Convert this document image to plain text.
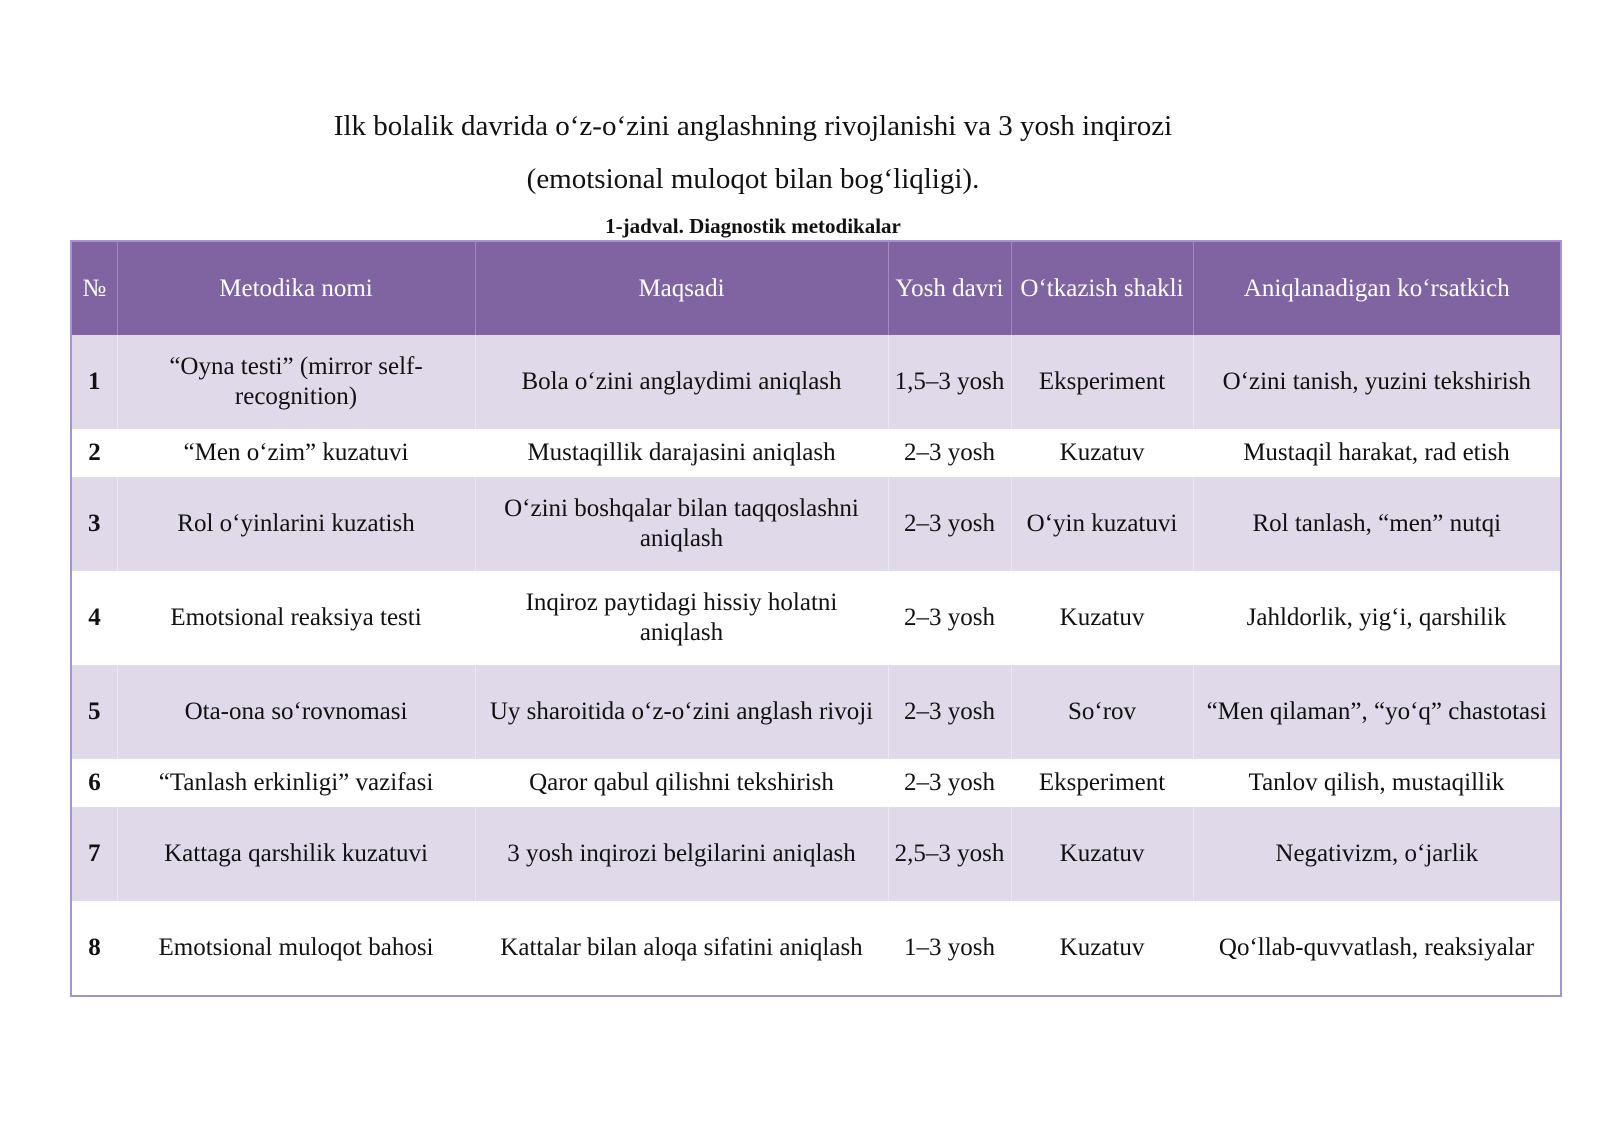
Ilk bolalik davrida o‘z-o‘zini anglashning rivojlanishi va 3 yosh inqirozi
(emotsional muloqot bilan bog‘liqligi).
1-jadval. Diagnostik metodikalar
№	Metodika nomi	Maqsadi	Yosh davri	O‘tkazish shakli	Aniqlanadigan ko‘rsatkich
1	“Oyna testi” (mirror self-recognition)	Bola o‘zini anglaydimi aniqlash	1,5–3 yosh	Eksperiment	O‘zini tanish, yuzini tekshirish
2	“Men o‘zim” kuzatuvi	Mustaqillik darajasini aniqlash	2–3 yosh	Kuzatuv	Mustaqil harakat, rad etish
3	Rol o‘yinlarini kuzatish	O‘zini boshqalar bilan taqqoslashni aniqlash	2–3 yosh	O‘yin kuzatuvi	Rol tanlash, “men” nutqi
4	Emotsional reaksiya testi	Inqiroz paytidagi hissiy holatni aniqlash	2–3 yosh	Kuzatuv	Jahldorlik, yig‘i, qarshilik
5	Ota-ona so‘rovnomasi	Uy sharoitida o‘z-o‘zini anglash rivoji	2–3 yosh	So‘rov	“Men qilaman”, “yo‘q” chastotasi
6	“Tanlash erkinligi” vazifasi	Qaror qabul qilishni tekshirish	2–3 yosh	Eksperiment	Tanlov qilish, mustaqillik
7	Kattaga qarshilik kuzatuvi	3 yosh inqirozi belgilarini aniqlash	2,5–3 yosh	Kuzatuv	Negativizm, o‘jarlik
8	Emotsional muloqot bahosi	Kattalar bilan aloqa sifatini aniqlash	1–3 yosh	Kuzatuv	Qo‘llab-quvvatlash, reaksiyalar
